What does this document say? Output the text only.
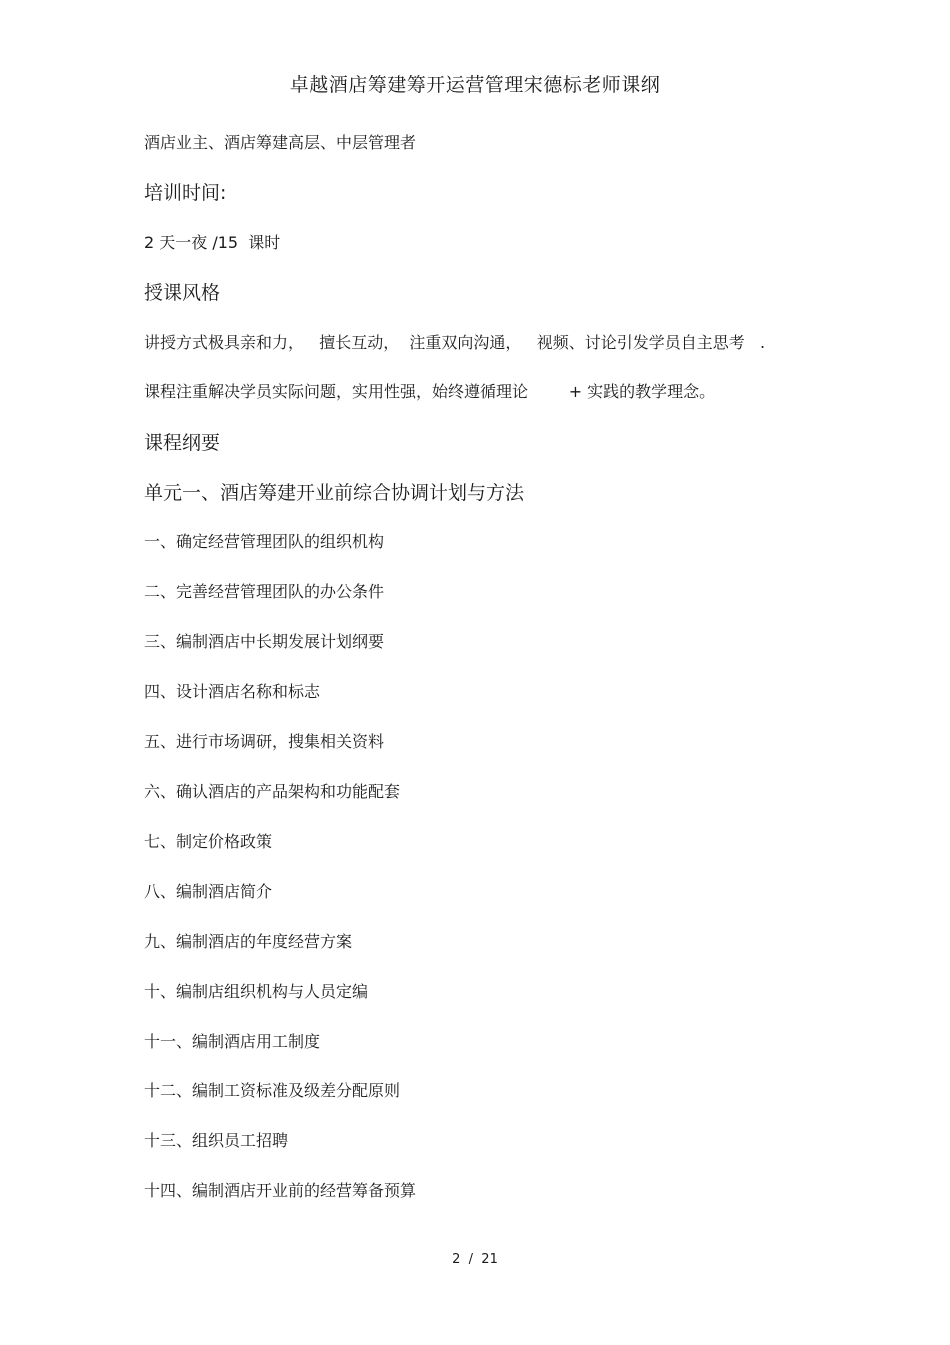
卓越酒店筹建筹开运营管理宋德标老师课纲
酒店业主、酒店筹建高层、中层管理者
培训时间:
2 天一夜 /15  课时
授课风格
讲授方式极具亲和力，   擅长互动，  注重双向沟通，   视频、讨论引发学员自主思考   .
课程注重解决学员实际问题，实用性强，始终遵循理论        + 实践的教学理念。
课程纲要
单元一、酒店筹建开业前综合协调计划与方法
一、确定经营管理团队的组织机构
二、完善经营管理团队的办公条件
三、编制酒店中长期发展计划纲要
四、设计酒店名称和标志
五、进行市场调研，搜集相关资料
六、确认酒店的产品架构和功能配套
七、制定价格政策
八、编制酒店简介
九、编制酒店的年度经营方案
十、编制店组织机构与人员定编
十一、编制酒店用工制度
十二、编制工资标准及级差分配原则
十三、组织员工招聘
十四、编制酒店开业前的经营筹备预算
2  /  21
